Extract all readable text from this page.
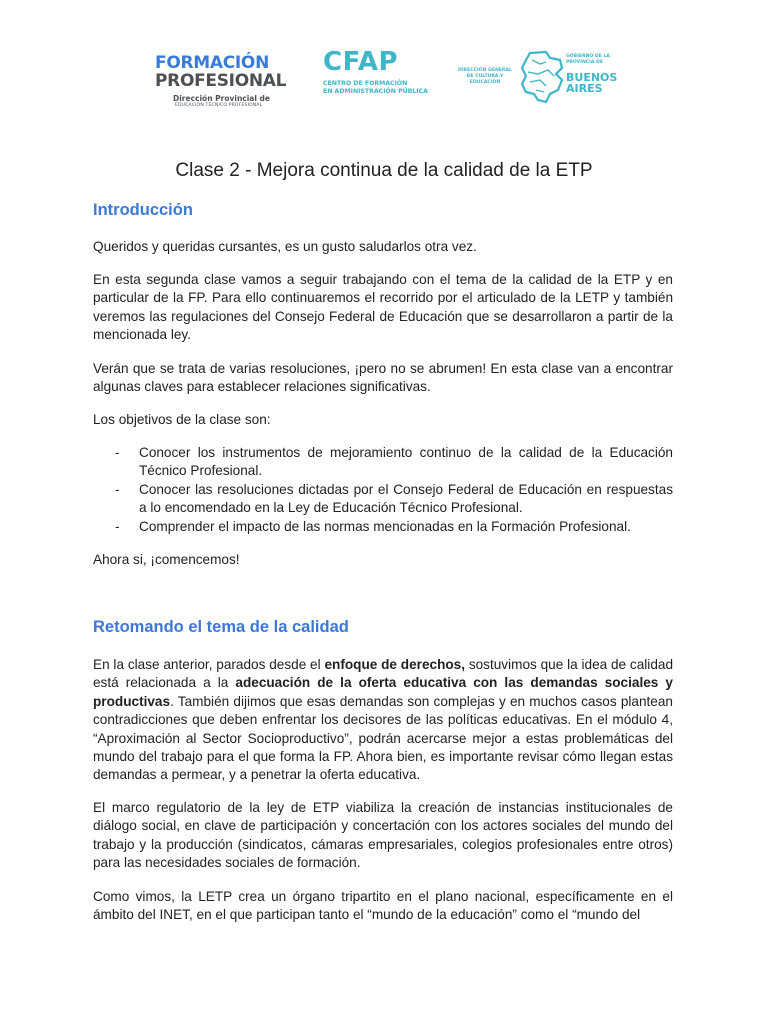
FORMACIÓN
PROFESIONAL
Dirección Provincial de
EDUCACIÓN TÉCNICO PROFESIONAL
CFAP
CENTRO DE FORMACIÓN
EN ADMINISTRACIÓN PÚBLICA
DIRECCIÓN GENERAL
DE CULTURA Y
EDUCACIÓN
GOBIERNO DE LA
PROVINCIA DE
BUENOS
AIRES
Clase 2 - Mejora continua de la calidad de la ETP
Introducción

Queridos y queridas cursantes, es un gusto saludarlos otra vez.

En esta segunda clase vamos a seguir trabajando con el tema de la calidad de la ETP y en particular de la FP. Para ello continuaremos el recorrido por el articulado de la LETP y también veremos las regulaciones del Consejo Federal de Educación que se desarrollaron a partir de la mencionada ley.

Verán que se trata de varias resoluciones, ¡pero no se abrumen! En esta clase van a encontrar algunas claves para establecer relaciones significativas.

Los objetivos de la clase son:

- Conocer los instrumentos de mejoramiento continuo de la calidad de la Educación Técnico Profesional.
- Conocer las resoluciones dictadas por el Consejo Federal de Educación en respuestas a lo encomendado en la Ley de Educación Técnico Profesional.
- Comprender el impacto de las normas mencionadas en la Formación Profesional.

Ahora si, ¡comencemos!

Retomando el tema de la calidad

En la clase anterior, parados desde el enfoque de derechos, sostuvimos que la idea de calidad está relacionada a la adecuación de la oferta educativa con las demandas sociales y productivas. También dijimos que esas demandas son complejas y en muchos casos plantean contradicciones que deben enfrentar los decisores de las políticas educativas. En el módulo 4, “Aproximación al Sector Socioproductivo”, podrán acercarse mejor a estas problemáticas del mundo del trabajo para el que forma la FP. Ahora bien, es importante revisar cómo llegan estas demandas a permear, y a penetrar la oferta educativa.

El marco regulatorio de la ley de ETP viabiliza la creación de instancias institucionales de diálogo social, en clave de participación y concertación con los actores sociales del mundo del trabajo y la producción (sindicatos, cámaras empresariales, colegios profesionales entre otros) para las necesidades sociales de formación.

Como vimos, la LETP crea un órgano tripartito en el plano nacional, específicamente en el ámbito del INET, en el que participan tanto el “mundo de la educación” como el “mundo del
